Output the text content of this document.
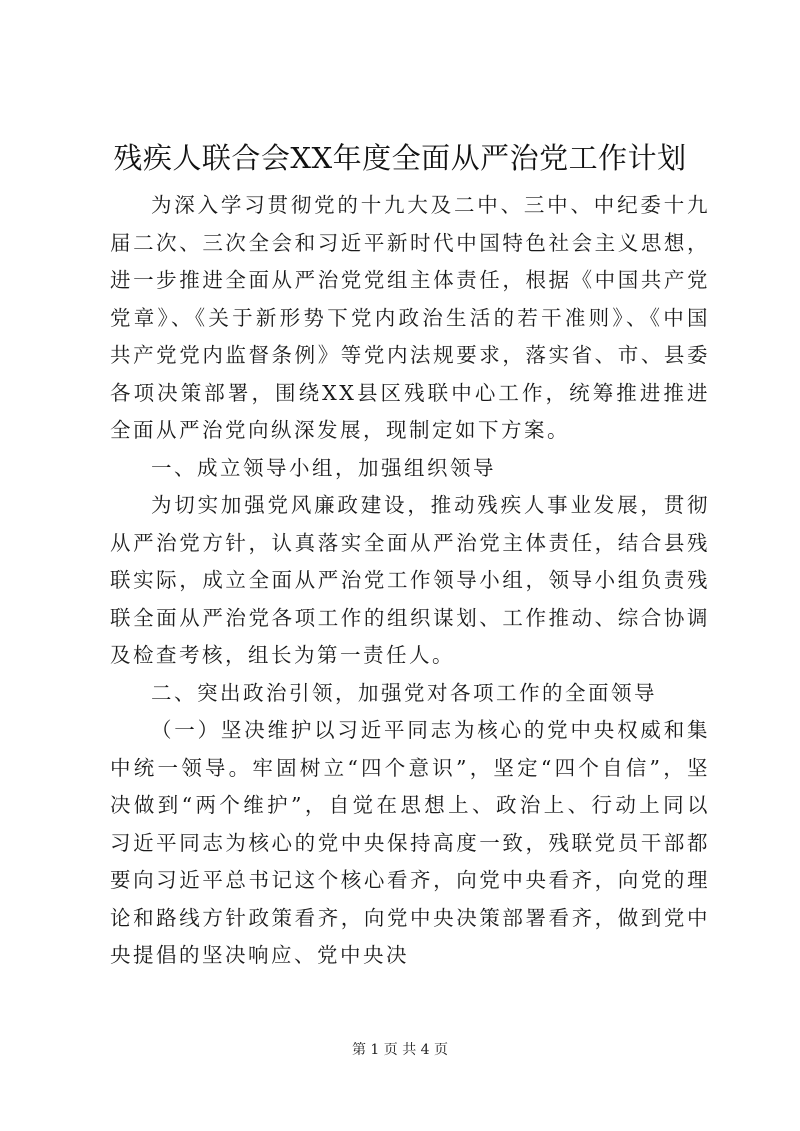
残疾人联合会XX年度全面从严治党工作计划

为深入学习贯彻党的十九大及二中、三中、中纪委十九届二次、三次全会和习近平新时代中国特色社会主义思想，进一步推进全面从严治党党组主体责任，根据《中国共产党党章》、《关于新形势下党内政治生活的若干准则》、《中国共产党党内监督条例》等党内法规要求，落实省、市、县委各项决策部署，围绕XX县区残联中心工作，统筹推进推进全面从严治党向纵深发展，现制定如下方案。

一、成立领导小组，加强组织领导

为切实加强党风廉政建设，推动残疾人事业发展，贯彻从严治党方针，认真落实全面从严治党主体责任，结合县残联实际，成立全面从严治党工作领导小组，领导小组负责残联全面从严治党各项工作的组织谋划、工作推动、综合协调及检查考核，组长为第一责任人。

二、突出政治引领，加强党对各项工作的全面领导

（一）坚决维护以习近平同志为核心的党中央权威和集中统一领导。牢固树立“四个意识”，坚定“四个自信”，坚决做到“两个维护”，自觉在思想上、政治上、行动上同以习近平同志为核心的党中央保持高度一致，残联党员干部都要向习近平总书记这个核心看齐，向党中央看齐，向党的理论和路线方针政策看齐，向党中央决策部署看齐，做到党中央提倡的坚决响应、党中央决

第 1 页 共 4 页
